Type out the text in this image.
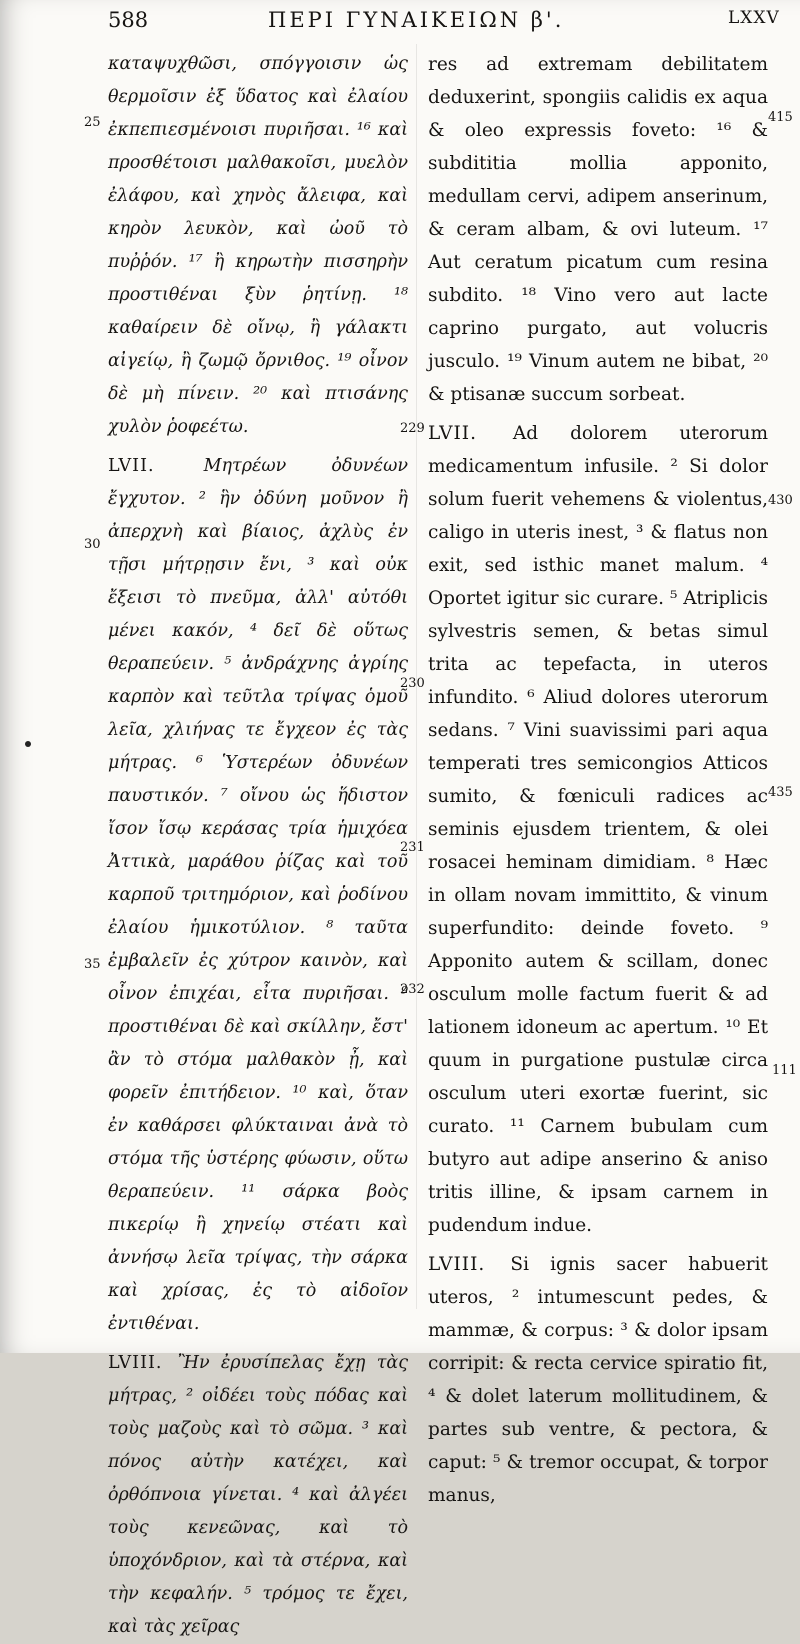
588	ΠΕΡΙ ΓΥΝΑΙΚΕΙΩΝ β'.	LXXV

καταψυχθῶσι, σπόγγοισιν ὡς θερμοῖσιν ἐξ ὕδατος καὶ ἐλαίου ἐκπεπιεσμένοισι πυριῆσαι. ¹⁶ καὶ προσθέτοισι μαλθακοῖσι, μυελὸν ἐλάφου, καὶ χηνὸς ἄλειφα, καὶ κηρὸν λευκὸν, καὶ ὠοῦ τὸ πυῤῥόν. ¹⁷ ἢ κηρωτὴν πισσηρὴν προστιθέναι ξὺν ῥητίνῃ. ¹⁸ καθαίρειν δὲ οἴνῳ, ἢ γάλακτι αἰγείῳ, ἢ ζωμῷ ὄρνιθος. ¹⁹ οἶνον δὲ μὴ πίνειν. ²⁰ καὶ πτισάνης χυλὸν ῥοφεέτω.

LVII.	Μητρέων ὀδυνέων ἔγχυτον. ² ἣν ὀδύνη μοῦνον ἢ ἀπερχνὴ καὶ βίαιος, ἀχλὺς ἐν τῇσι μήτρῃσιν ἔνι, ³ καὶ οὐκ ἔξεισι τὸ πνεῦμα, ἀλλ' αὐτόθι μένει κακόν, ⁴ δεῖ δὲ οὕτως θεραπεύειν. ⁵ ἀνδράχνης ἀγρίης καρπὸν καὶ τεῦτλα τρίψας ὁμοῦ λεῖα, χλιήνας τε ἔγχεον ἐς τὰς μήτρας. ⁶ Ὑστερέων ὀδυνέων παυστικόν. ⁷ οἴνου ὡς ἥδιστον ἴσον ἴσῳ κεράσας τρία ἡμιχόεα Ἀττικὰ, μαράθου ῥίζας καὶ τοῦ καρποῦ τριτημόριον, καὶ ῥοδίνου ἐλαίου ἡμικοτύλιον. ⁸ ταῦτα ἐμβαλεῖν ἐς χύτρον καινὸν, καὶ οἶνον ἐπιχέαι, εἶτα πυριῆσαι. ⁹ προστιθέναι δὲ καὶ σκίλλην, ἔστ' ἂν τὸ στόμα μαλθακὸν ᾖ, καὶ φορεῖν ἐπιτήδειον. ¹⁰ καὶ, ὅταν ἐν καθάρσει φλύκταιναι ἀνὰ τὸ στόμα τῆς ὑστέρης φύωσιν, οὕτω θεραπεύειν. ¹¹ σάρκα βοὸς πικερίῳ ἢ χηνείῳ στέατι καὶ ἀννήσῳ λεῖα τρίψας, τὴν σάρκα καὶ χρίσας, ἐς τὸ αἰδοῖον ἐντιθέναι.

LVIII. Ἢν ἐρυσίπελας ἔχῃ τὰς μήτρας, ² οἰδέει τοὺς πόδας καὶ τοὺς μαζοὺς καὶ τὸ σῶμα. ³ καὶ πόνος αὐτὴν κατέχει, καὶ ὀρθόπνοια γίνεται. ⁴ καὶ ἀλγέει τοὺς κενεῶνας, καὶ τὸ ὑποχόνδριον, καὶ τὰ στέρνα, καὶ τὴν κεφαλήν. ⁵ τρόμος τε ἔχει, καὶ τὰς χεῖρας

res ad extremam debilitatem deduxerint, spongiis calidis ex aqua & oleo expressis foveto: ¹⁶ & subdititia mollia apponito, medullam cervi, adipem anserinum, & ceram albam, & ovi luteum. ¹⁷ Aut ceratum picatum cum resina subdito. ¹⁸ Vino vero aut lacte caprino purgato, aut volucris jusculo. ¹⁹ Vinum autem ne bibat, ²⁰ & ptisanæ succum sorbeat.

LVII. Ad dolorem uterorum medicamentum infusile. ² Si dolor solum fuerit vehemens & violentus, caligo in uteris inest, ³ & flatus non exit, sed isthic manet malum. ⁴ Oportet igitur sic curare. ⁵ Atriplicis sylvestris semen, & betas simul trita ac tepefacta, in uteros infundito. ⁶ Aliud dolores uterorum sedans. ⁷ Vini suavissimi pari aqua temperati tres semicongios Atticos sumito, & fœniculi radices ac seminis ejusdem trientem, & olei rosacei heminam dimidiam. ⁸ Hæc in ollam novam immittito, & vinum superfundito: deinde foveto. ⁹ Apponito autem & scillam, donec osculum molle factum fuerit & ad lationem idoneum ac apertum. ¹⁰ Et quum in purgatione pustulæ circa osculum uteri exortæ fuerint, sic curato. ¹¹ Carnem bubulam cum butyro aut adipe anserino & aniso tritis illine, & ipsam carnem in pudendum indue.

LVIII. Si ignis sacer habuerit uteros, ² intumescunt pedes, & mammæ, & corpus: ³ & dolor ipsam corripit: & recta cervice spiratio fit, ⁴ & dolet laterum mollitudinem, & partes sub ventre, & pectora, & caput: ⁵ & tremor occupat, & torpor manus,

25
30
35
229
230
231
232
415
430
435
111
